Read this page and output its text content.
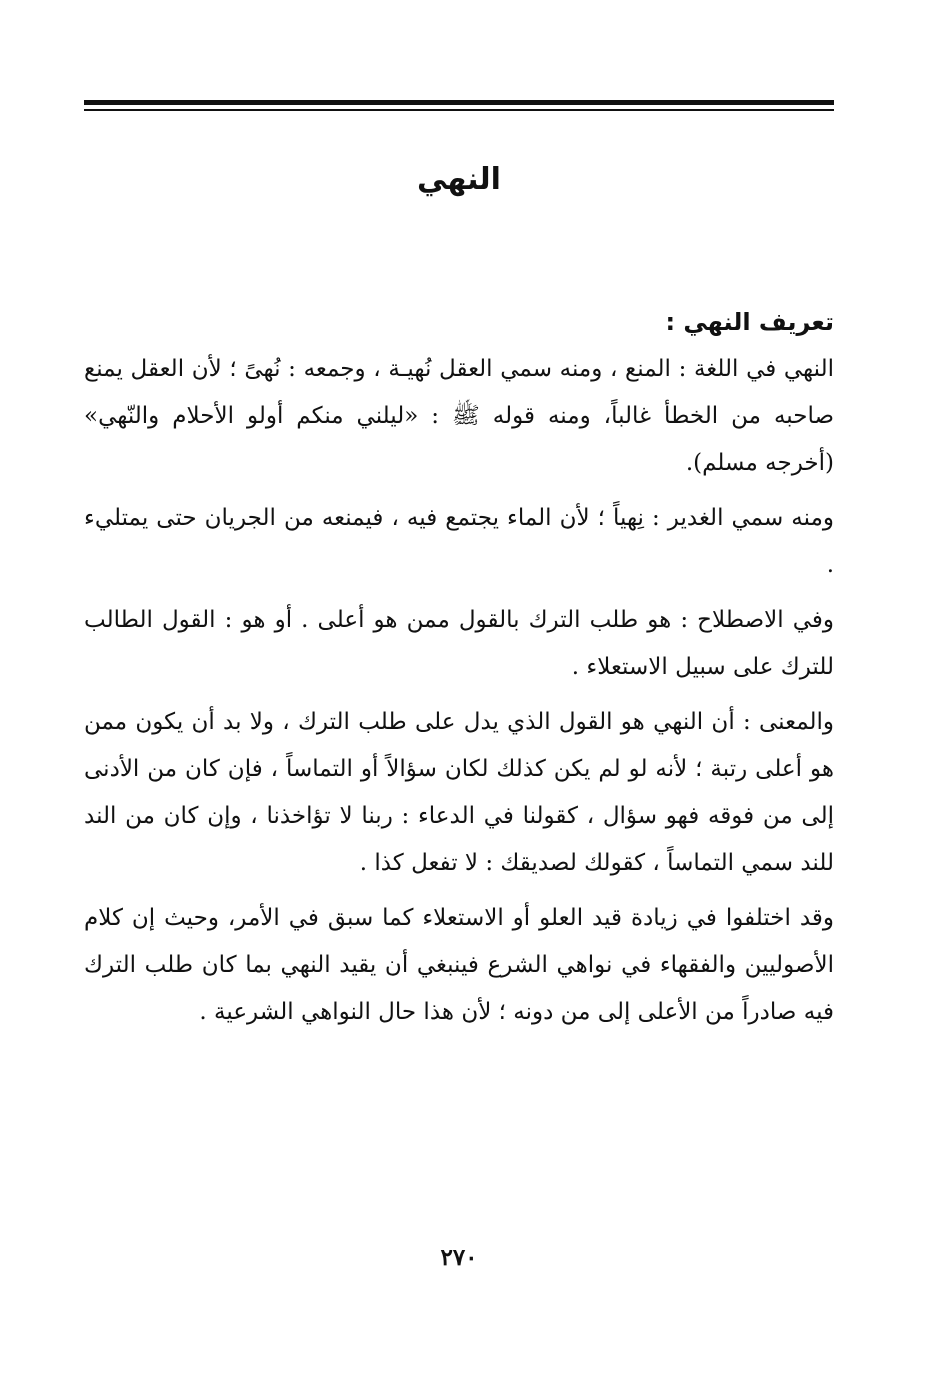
النهي
تعريف النهي :

النهي في اللغة : المنع ، ومنه سمي العقل نُهيـة ، وجمعه : نُهىً ؛ لأن العقل يمنع صاحبه من الخطأ غالباً، ومنه قوله ﷺ : «ليلني منكم أولو الأحلام والنّهي» (أخرجه مسلم).

ومنه سمي الغدير : نِهياً ؛ لأن الماء يجتمع فيه ، فيمنعه من الجريان حتى يمتليء .

وفي الاصطلاح : هو طلب الترك بالقول ممن هو أعلى . أو هو : القول الطالب للترك على سبيل الاستعلاء .

والمعنى : أن النهي هو القول الذي يدل على طلب الترك ، ولا بد أن يكون ممن هو أعلى رتبة ؛ لأنه لو لم يكن كذلك لكان سؤالاً أو التماساً ، فإن كان من الأدنى إلى من فوقه فهو سؤال ، كقولنا في الدعاء : ربنا لا تؤاخذنا ، وإن كان من الند للند سمي التماساً ، كقولك لصديقك : لا تفعل كذا .

وقد اختلفوا في زيادة قيد العلو أو الاستعلاء كما سبق في الأمر، وحيث إن كلام الأصوليين والفقهاء في نواهي الشرع فينبغي أن يقيد النهي بما كان طلب الترك فيه صادراً من الأعلى إلى من دونه ؛ لأن هذا حال النواهي الشرعية .

٢٧٠
